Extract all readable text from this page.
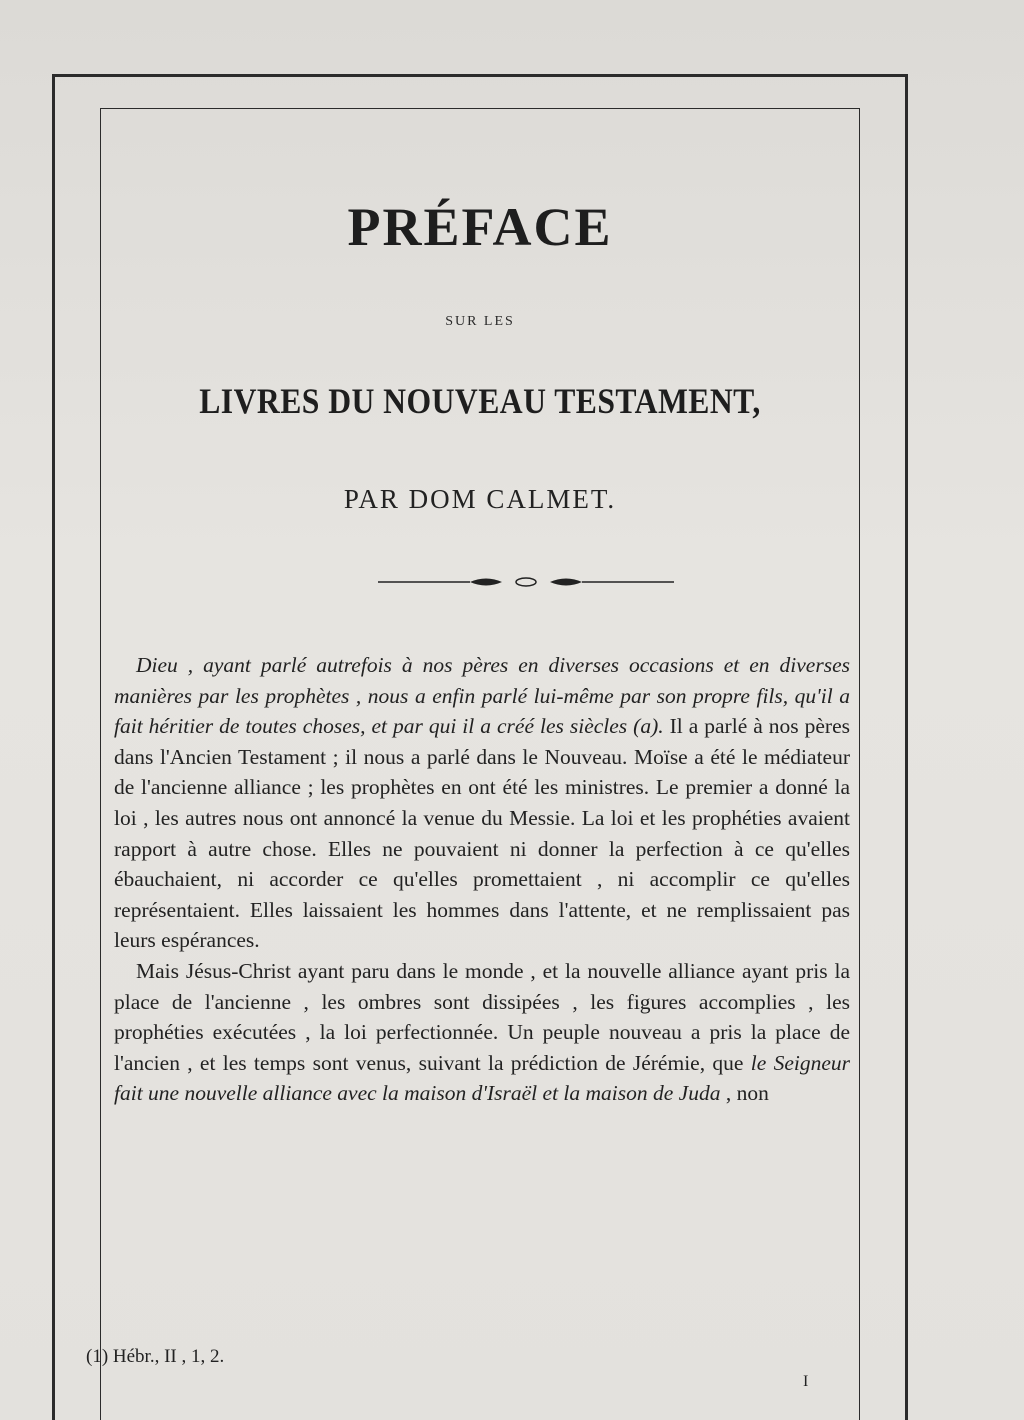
PRÉFACE
SUR LES
LIVRES DU NOUVEAU TESTAMENT,
PAR DOM CALMET.

Dieu , ayant parlé autrefois à nos pères en diverses occasions et en diverses manières par les prophètes , nous a enfin parlé lui-même par son propre fils, qu'il a fait héritier de toutes choses, et par qui il a créé les siècles (a). Il a parlé à nos pères dans l'Ancien Testament ; il nous a parlé dans le Nouveau. Moïse a été le médiateur de l'ancienne alliance ; les prophètes en ont été les ministres. Le premier a donné la loi , les autres nous ont annoncé la venue du Messie. La loi et les prophéties avaient rapport à autre chose. Elles ne pouvaient ni donner la perfection à ce qu'elles ébauchaient, ni accorder ce qu'elles promettaient , ni accomplir ce qu'elles représentaient. Elles laissaient les hommes dans l'attente, et ne remplissaient pas leurs espérances.

Mais Jésus-Christ ayant paru dans le monde , et la nouvelle alliance ayant pris la place de l'ancienne , les ombres sont dissipées , les figures accomplies , les prophéties exécutées , la loi perfectionnée. Un peuple nouveau a pris la place de l'ancien , et les temps sont venus, suivant la prédiction de Jérémie, que le Seigneur fait une nouvelle alliance avec la maison d'Israël et la maison de Juda , non

(1) Hébr., II , 1, 2.
I
